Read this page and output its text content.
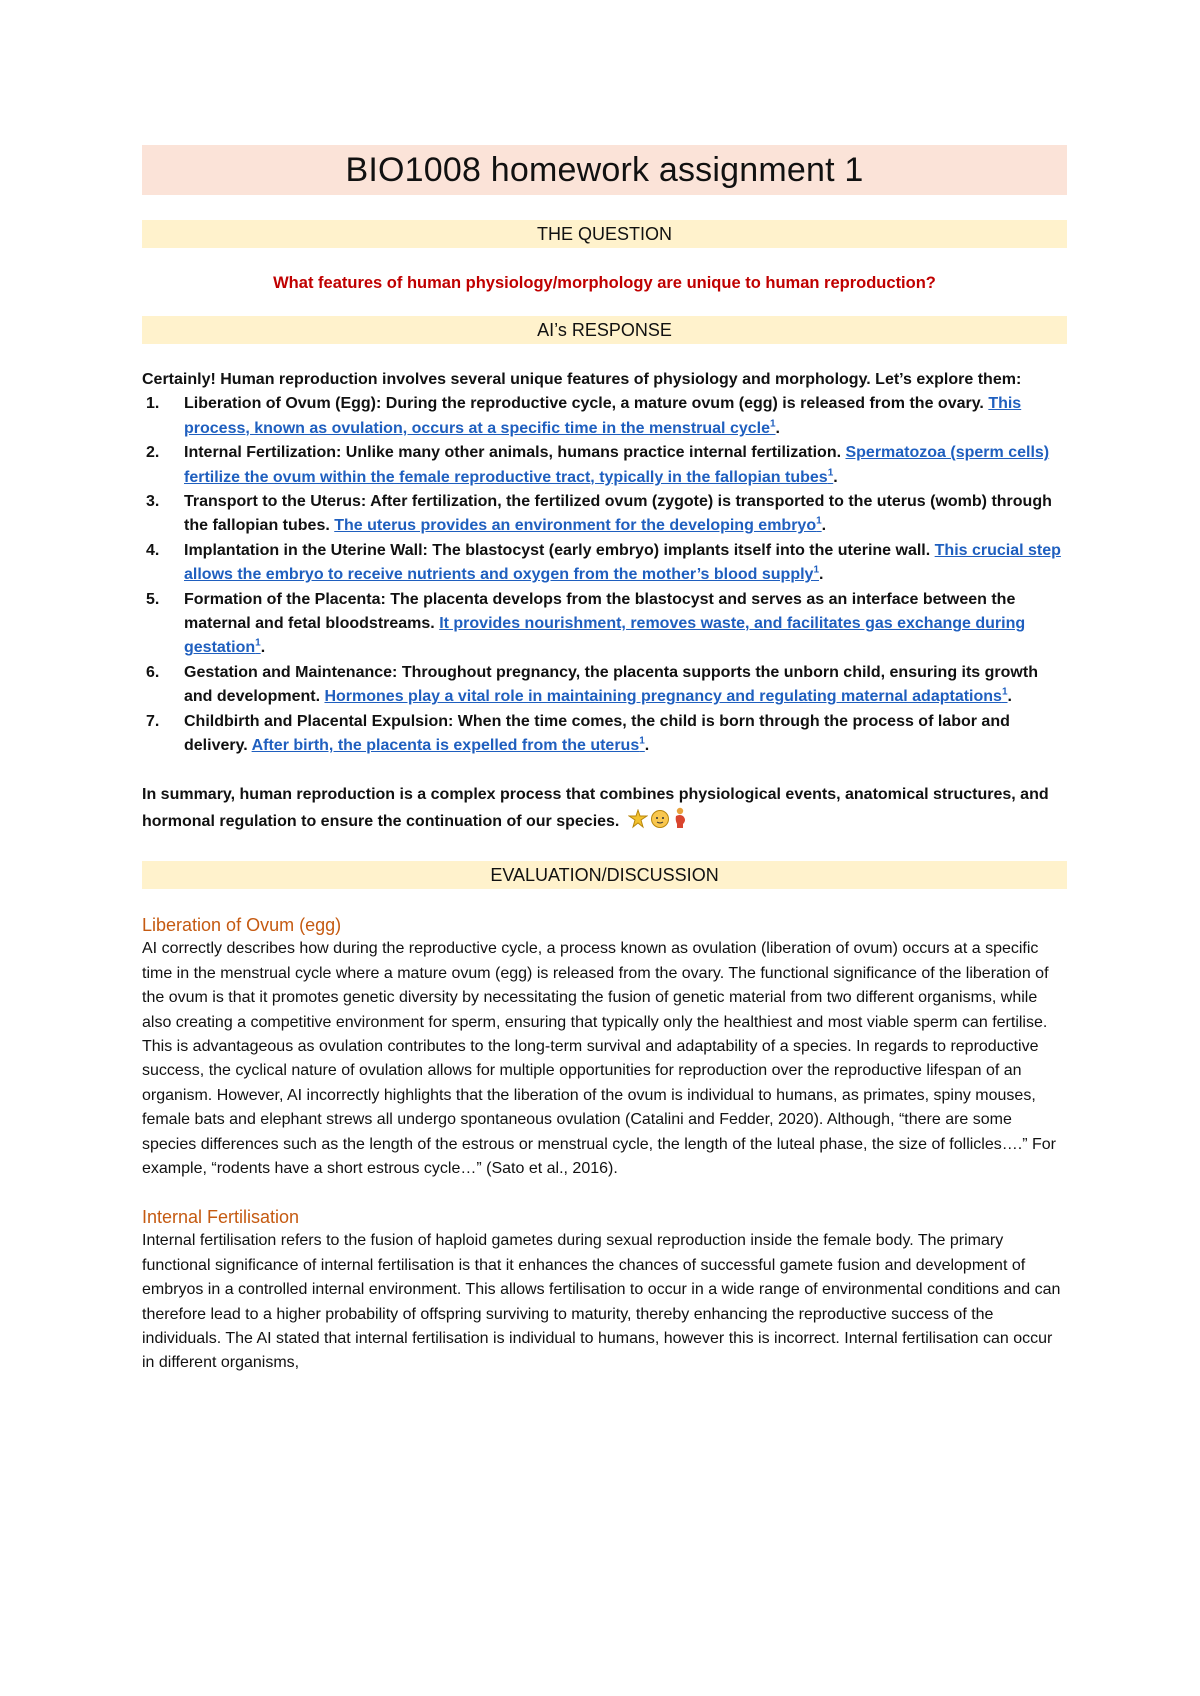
BIO1008 homework assignment 1
THE QUESTION
What features of human physiology/morphology are unique to human reproduction?
AI’s RESPONSE
Certainly! Human reproduction involves several unique features of physiology and morphology. Let’s explore them:
1. Liberation of Ovum (Egg): During the reproductive cycle, a mature ovum (egg) is released from the ovary. This process, known as ovulation, occurs at a specific time in the menstrual cycle$^1$.
2. Internal Fertilization: Unlike many other animals, humans practice internal fertilization. Spermatozoa (sperm cells) fertilize the ovum within the female reproductive tract, typically in the fallopian tubes$^1$.
3. Transport to the Uterus: After fertilization, the fertilized ovum (zygote) is transported to the uterus (womb) through the fallopian tubes. The uterus provides an environment for the developing embryo$^1$.
4. Implantation in the Uterine Wall: The blastocyst (early embryo) implants itself into the uterine wall. This crucial step allows the embryo to receive nutrients and oxygen from the mother’s blood supply$^1$.
5. Formation of the Placenta: The placenta develops from the blastocyst and serves as an interface between the maternal and fetal bloodstreams. It provides nourishment, removes waste, and facilitates gas exchange during gestation$^1$.
6. Gestation and Maintenance: Throughout pregnancy, the placenta supports the unborn child, ensuring its growth and development. Hormones play a vital role in maintaining pregnancy and regulating maternal adaptations$^1$.
7. Childbirth and Placental Expulsion: When the time comes, the child is born through the process of labor and delivery. After birth, the placenta is expelled from the uterus$^1$.
In summary, human reproduction is a complex process that combines physiological events, anatomical structures, and hormonal regulation to ensure the continuation of our species.
EVALUATION/DISCUSSION
Liberation of Ovum (egg)
AI correctly describes how during the reproductive cycle, a process known as ovulation (liberation of ovum) occurs at a specific time in the menstrual cycle where a mature ovum (egg) is released from the ovary. The functional significance of the liberation of the ovum is that it promotes genetic diversity by necessitating the fusion of genetic material from two different organisms, while also creating a competitive environment for sperm, ensuring that typically only the healthiest and most viable sperm can fertilise. This is advantageous as ovulation contributes to the long-term survival and adaptability of a species. In regards to reproductive success, the cyclical nature of ovulation allows for multiple opportunities for reproduction over the reproductive lifespan of an organism. However, AI incorrectly highlights that the liberation of the ovum is individual to humans, as primates, spiny mouses, female bats and elephant strews all undergo spontaneous ovulation (Catalini and Fedder, 2020). Although, “there are some species differences such as the length of the estrous or menstrual cycle, the length of the luteal phase, the size of follicles….” For example, “rodents have a short estrous cycle…” (Sato et al., 2016).
Internal Fertilisation
Internal fertilisation refers to the fusion of haploid gametes during sexual reproduction inside the female body. The primary functional significance of internal fertilisation is that it enhances the chances of successful gamete fusion and development of embryos in a controlled internal environment. This allows fertilisation to occur in a wide range of environmental conditions and can therefore lead to a higher probability of offspring surviving to maturity, thereby enhancing the reproductive success of the individuals. The AI stated that internal fertilisation is individual to humans, however this is incorrect. Internal fertilisation can occur in different organisms,
